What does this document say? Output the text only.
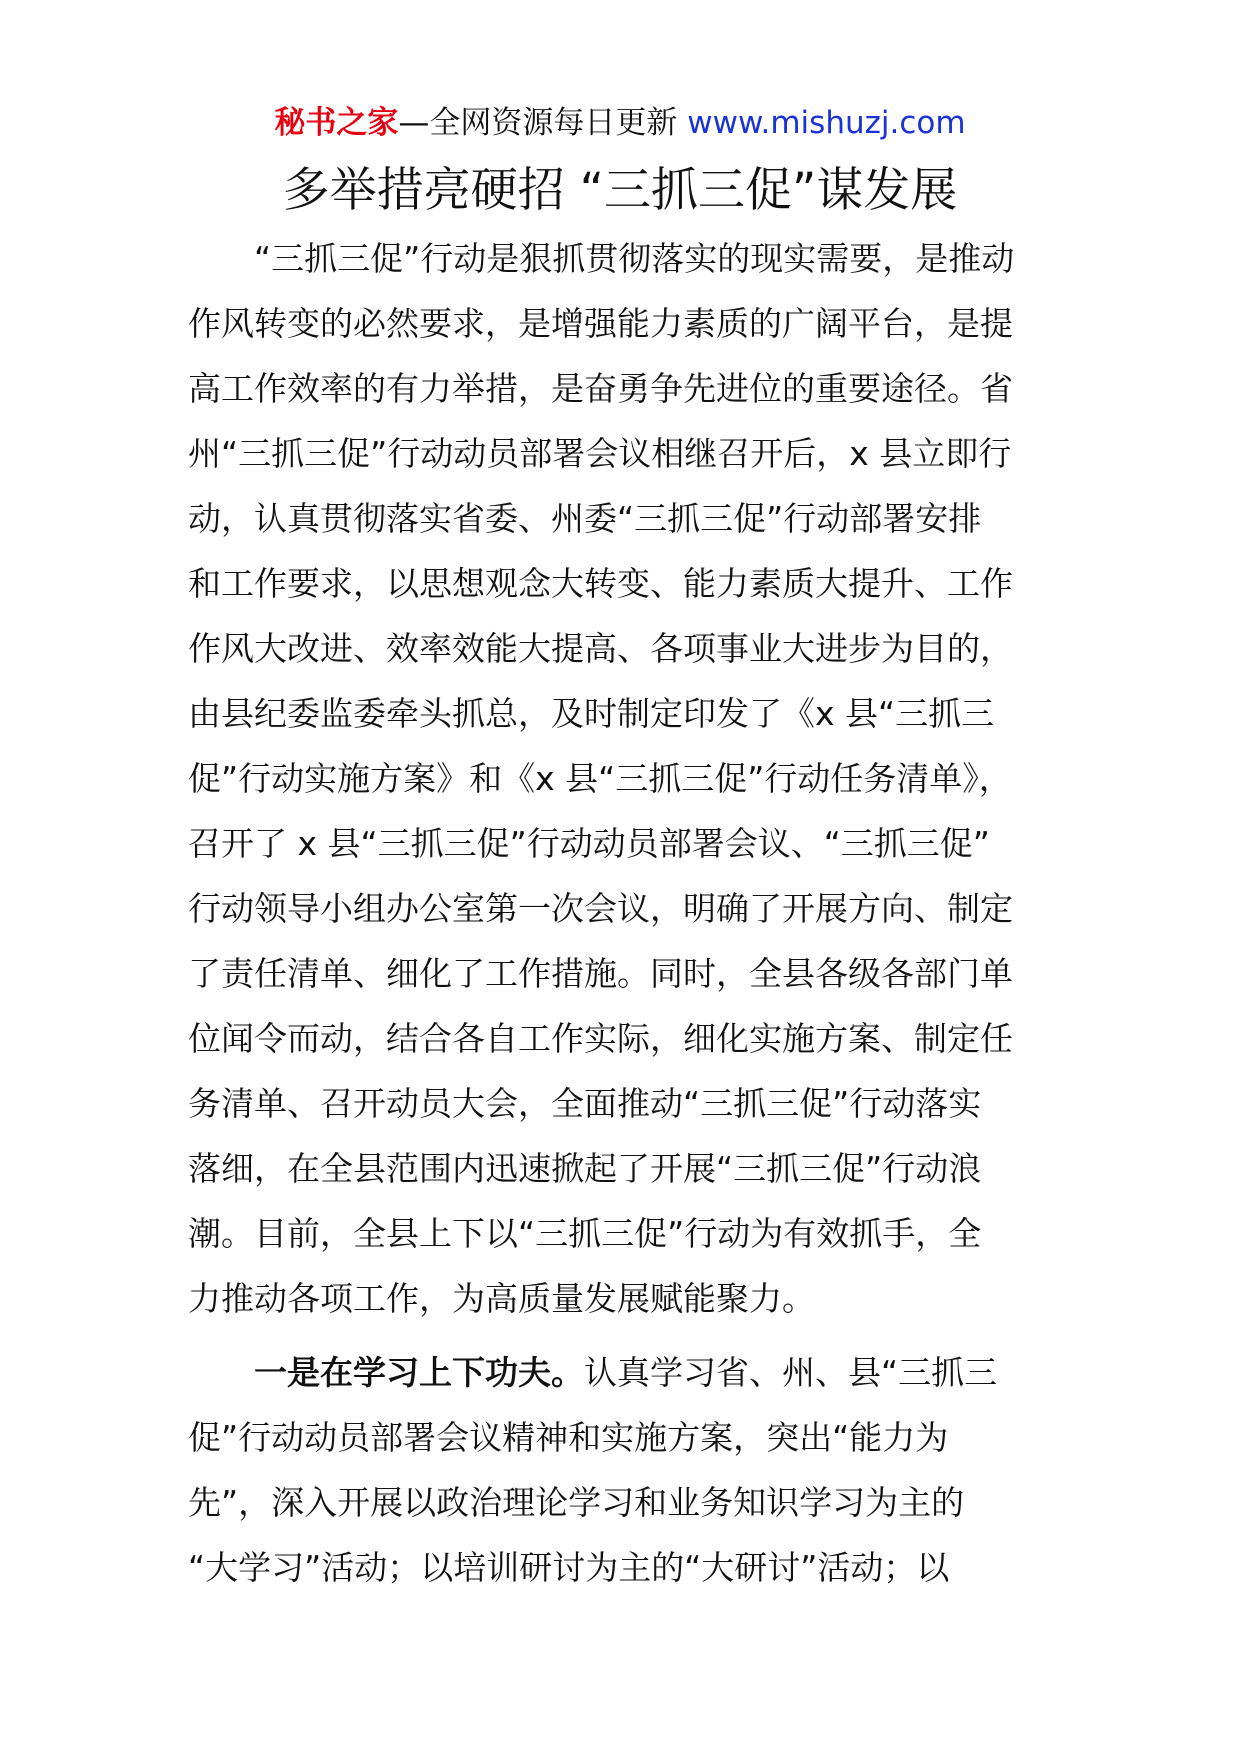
秘书之家—全网资源每日更新 www.mishuzj.com
多举措亮硬招 “三抓三促”谋发展
“三抓三促”行动是狠抓贯彻落实的现实需要，是推动
作风转变的必然要求，是增强能力素质的广阔平台，是提
高工作效率的有力举措，是奋勇争先进位的重要途径。省
州“三抓三促”行动动员部署会议相继召开后，x 县立即行
动，认真贯彻落实省委、州委“三抓三促”行动部署安排
和工作要求，以思想观念大转变、能力素质大提升、工作
作风大改进、效率效能大提高、各项事业大进步为目的，
由县纪委监委牵头抓总，及时制定印发了《x 县“三抓三
促”行动实施方案》和《x 县“三抓三促”行动任务清单》，
召开了 x 县“三抓三促”行动动员部署会议、“三抓三促”
行动领导小组办公室第一次会议，明确了开展方向、制定
了责任清单、细化了工作措施。同时，全县各级各部门单
位闻令而动，结合各自工作实际，细化实施方案、制定任
务清单、召开动员大会，全面推动“三抓三促”行动落实
落细，在全县范围内迅速掀起了开展“三抓三促”行动浪
潮。目前，全县上下以“三抓三促”行动为有效抓手，全
力推动各项工作，为高质量发展赋能聚力。
一是在学习上下功夫。认真学习省、州、县“三抓三
促”行动动员部署会议精神和实施方案，突出“能力为
先”，深入开展以政治理论学习和业务知识学习为主的
“大学习”活动；以培训研讨为主的“大研讨”活动；以
